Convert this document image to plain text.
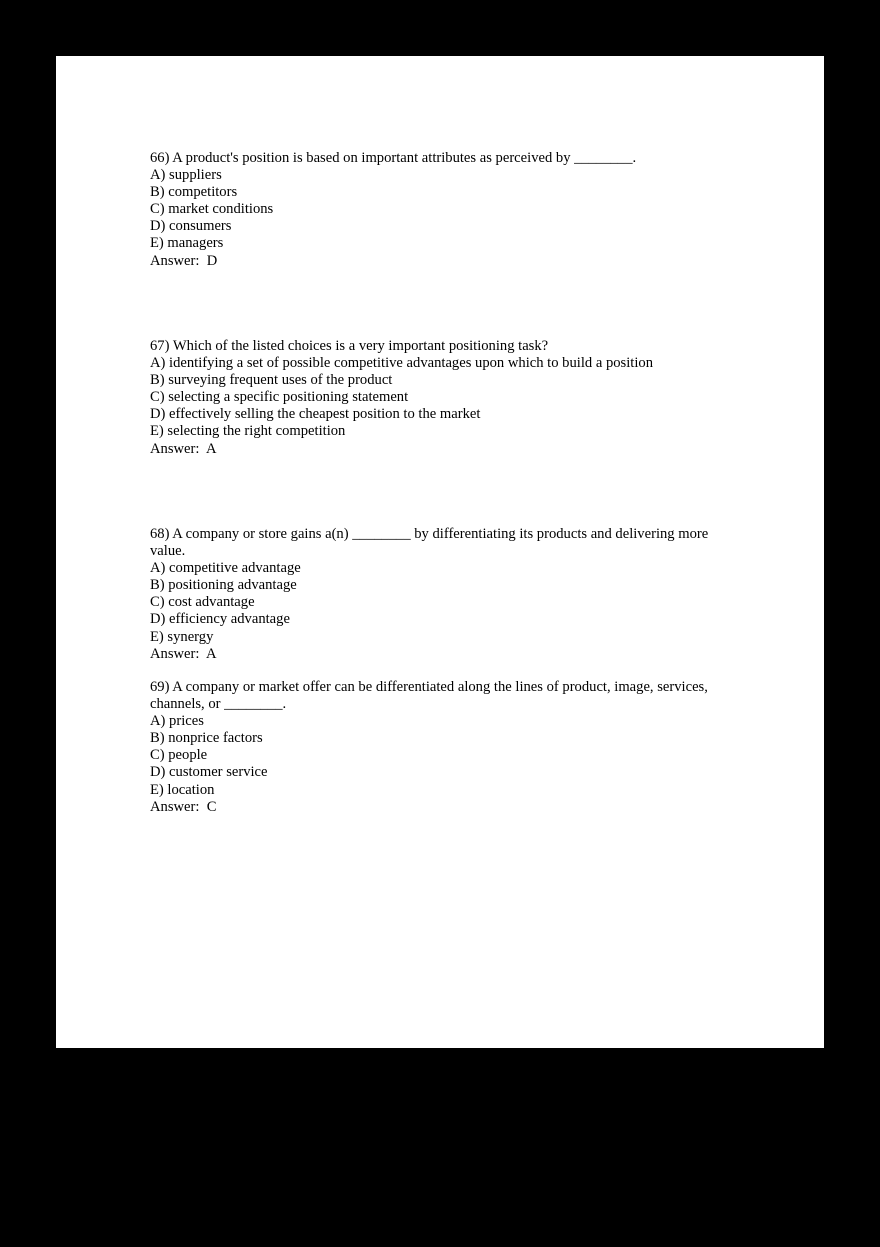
66) A product's position is based on important attributes as perceived by ________.
A) suppliers
B) competitors
C) market conditions
D) consumers
E) managers
Answer:  D
67) Which of the listed choices is a very important positioning task?
A) identifying a set of possible competitive advantages upon which to build a position
B) surveying frequent uses of the product
C) selecting a specific positioning statement
D) effectively selling the cheapest position to the market
E) selecting the right competition
Answer:  A
68) A company or store gains a(n) ________ by differentiating its products and delivering more value.
A) competitive advantage
B) positioning advantage
C) cost advantage
D) efficiency advantage
E) synergy
Answer:  A
69) A company or market offer can be differentiated along the lines of product, image, services, channels, or ________.
A) prices
B) nonprice factors
C) people
D) customer service
E) location
Answer:  C
